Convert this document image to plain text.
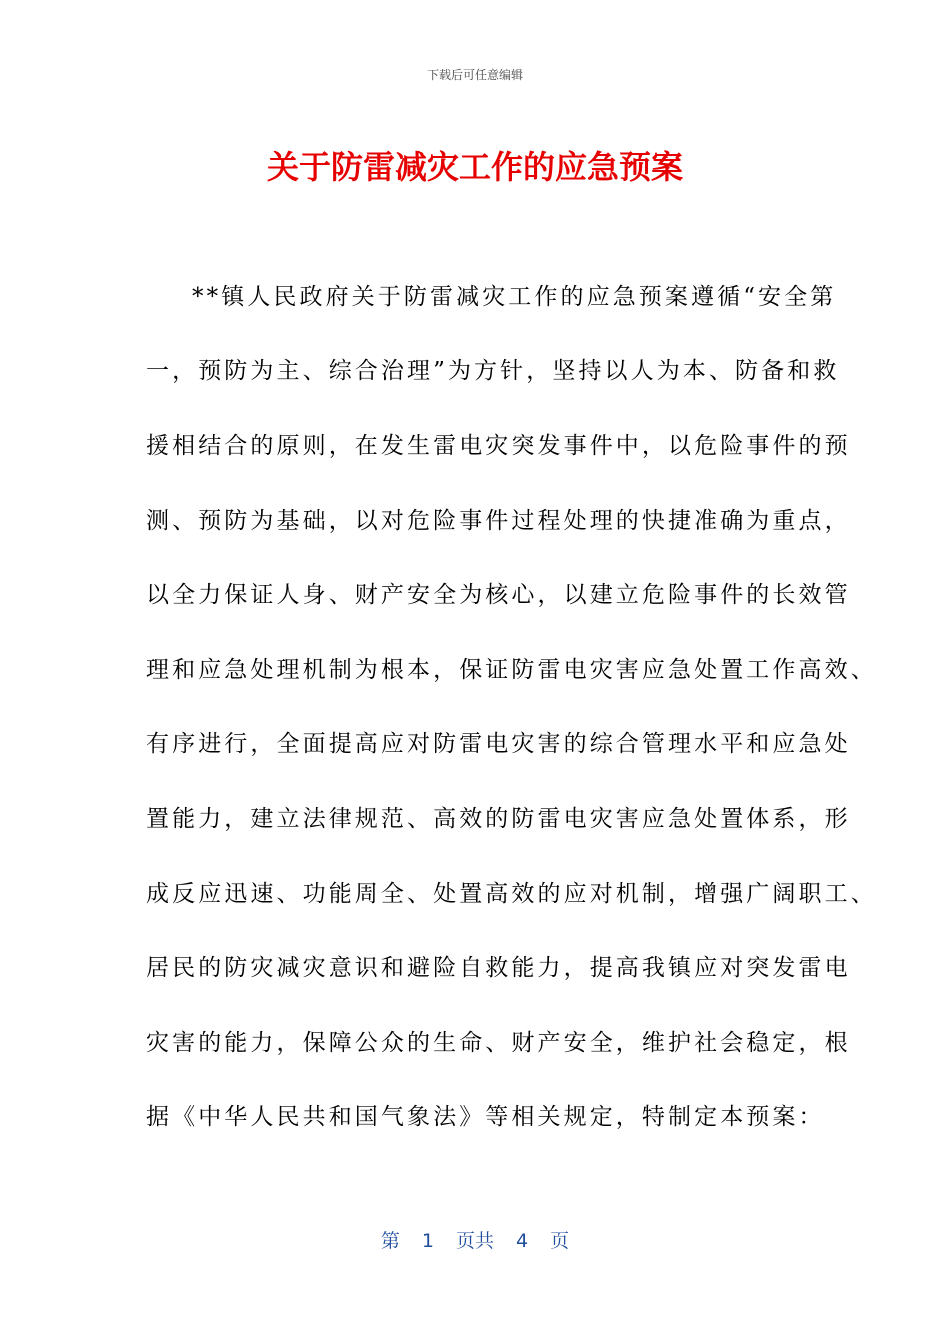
下载后可任意编辑
关于防雷减灾工作的应急预案
**镇人民政府关于防雷减灾工作的应急预案遵循“安全第
一，预防为主、综合治理”为方针，坚持以人为本、防备和救
援相结合的原则，在发生雷电灾突发事件中，以危险事件的预
测、预防为基础，以对危险事件过程处理的快捷准确为重点，
以全力保证人身、财产安全为核心，以建立危险事件的长效管
理和应急处理机制为根本，保证防雷电灾害应急处置工作高效、
有序进行，全面提高应对防雷电灾害的综合管理水平和应急处
置能力，建立法律规范、高效的防雷电灾害应急处置体系，形
成反应迅速、功能周全、处置高效的应对机制，增强广阔职工、
居民的防灾减灾意识和避险自救能力，提高我镇应对突发雷电
灾害的能力，保障公众的生命、财产安全，维护社会稳定，根
据《中华人民共和国气象法》等相关规定，特制定本预案：
第 1 页共 4 页
